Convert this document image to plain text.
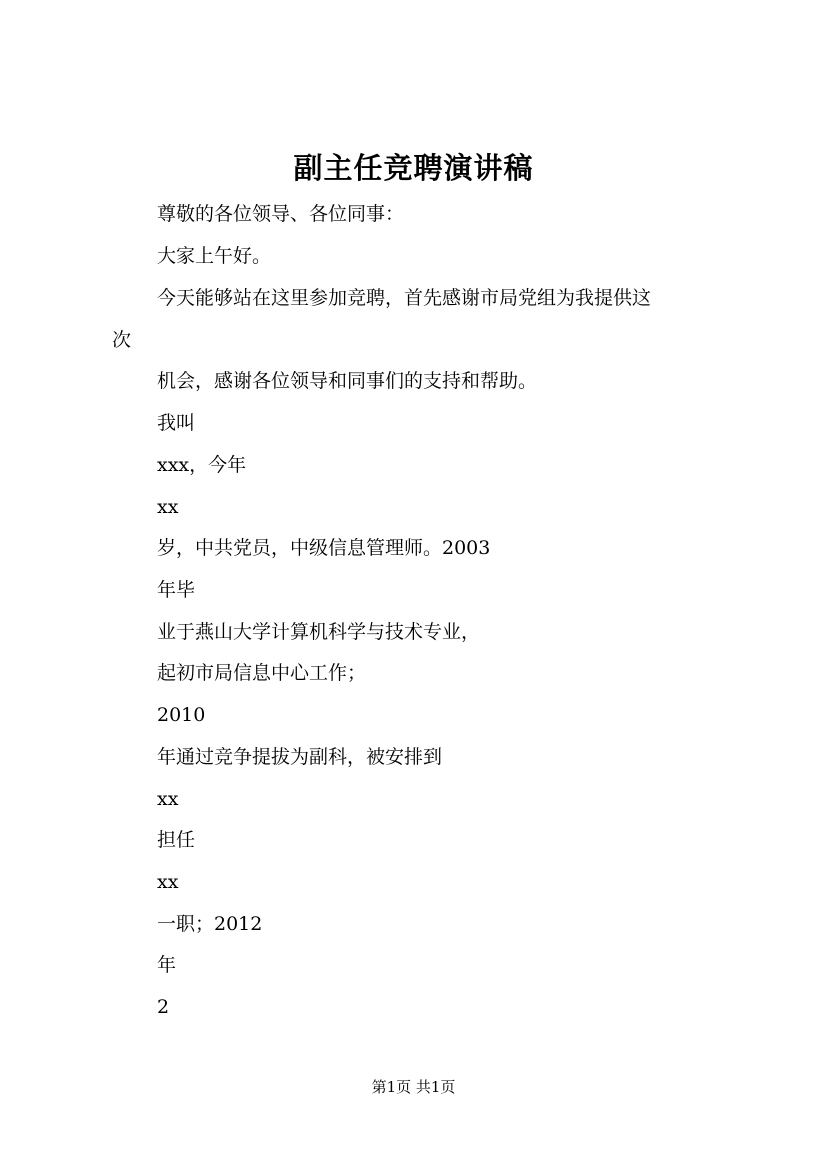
副主任竞聘演讲稿
尊敬的各位领导、各位同事：
大家上午好。
今天能够站在这里参加竞聘，首先感谢市局党组为我提供这
次
机会，感谢各位领导和同事们的支持和帮助。
我叫
xxx，今年
xx
岁，中共党员，中级信息管理师。2003
年毕
业于燕山大学计算机科学与技术专业，
起初市局信息中心工作；
2010
年通过竞争提拔为副科，被安排到
xx
担任
xx
一职；2012
年
2
第1页 共1页
